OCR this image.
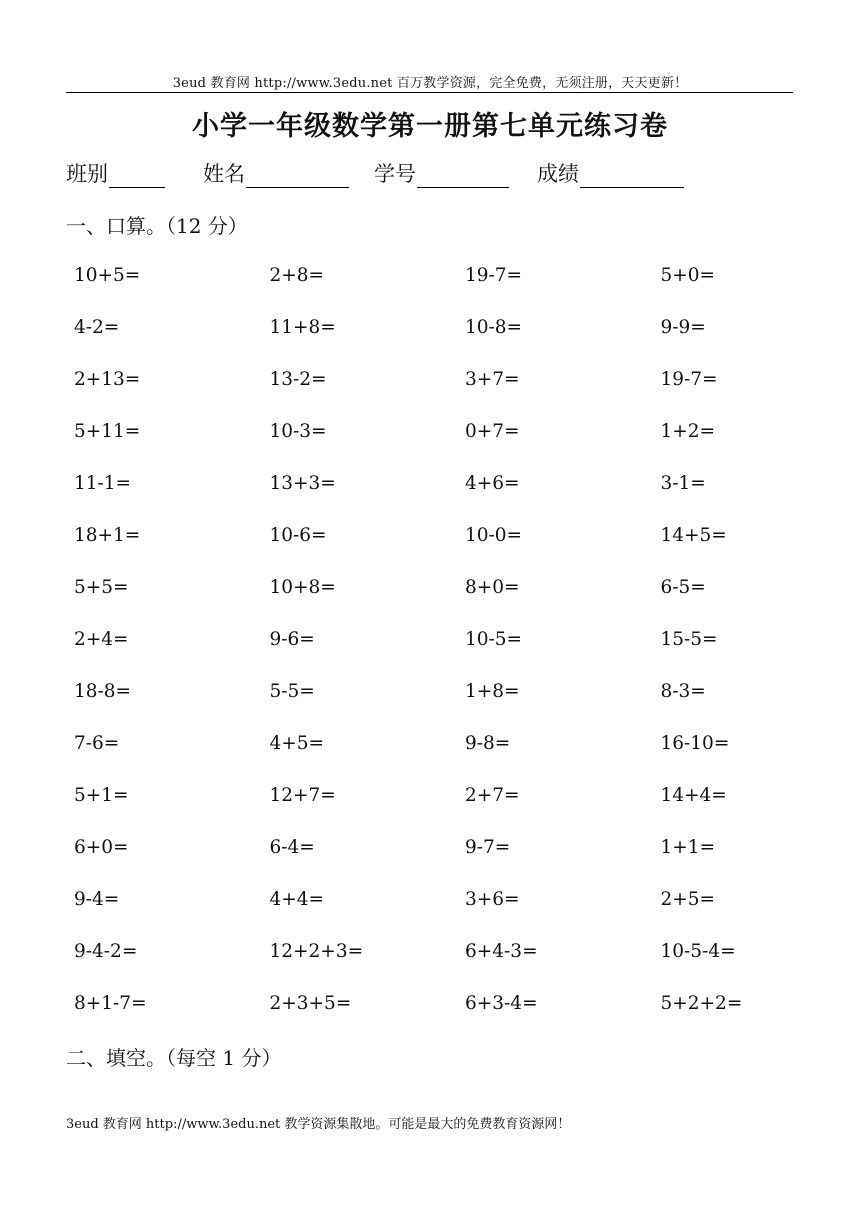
3eud 教育网 http://www.3edu.net 百万教学资源，完全免费，无须注册，天天更新！
小学一年级数学第一册第七单元练习卷
班别	姓名	学号	成绩
一、口算。（12 分）
10+5=	2+8=	19-7=	5+0=
4-2=	11+8=	10-8=	9-9=
2+13=	13-2=	3+7=	19-7=
5+11=	10-3=	0+7=	1+2=
11-1=	13+3=	4+6=	3-1=
18+1=	10-6=	10-0=	14+5=
5+5=	10+8=	8+0=	6-5=
2+4=	9-6=	10-5=	15-5=
18-8=	5-5=	1+8=	8-3=
7-6=	4+5=	9-8=	16-10=
5+1=	12+7=	2+7=	14+4=
6+0=	6-4=	9-7=	1+1=
9-4=	4+4=	3+6=	2+5=
9-4-2=	12+2+3=	6+4-3=	10-5-4=
8+1-7=	2+3+5=	6+3-4=	5+2+2=
二、填空。（每空 1 分）
3eud 教育网 http://www.3edu.net 教学资源集散地。可能是最大的免费教育资源网！
